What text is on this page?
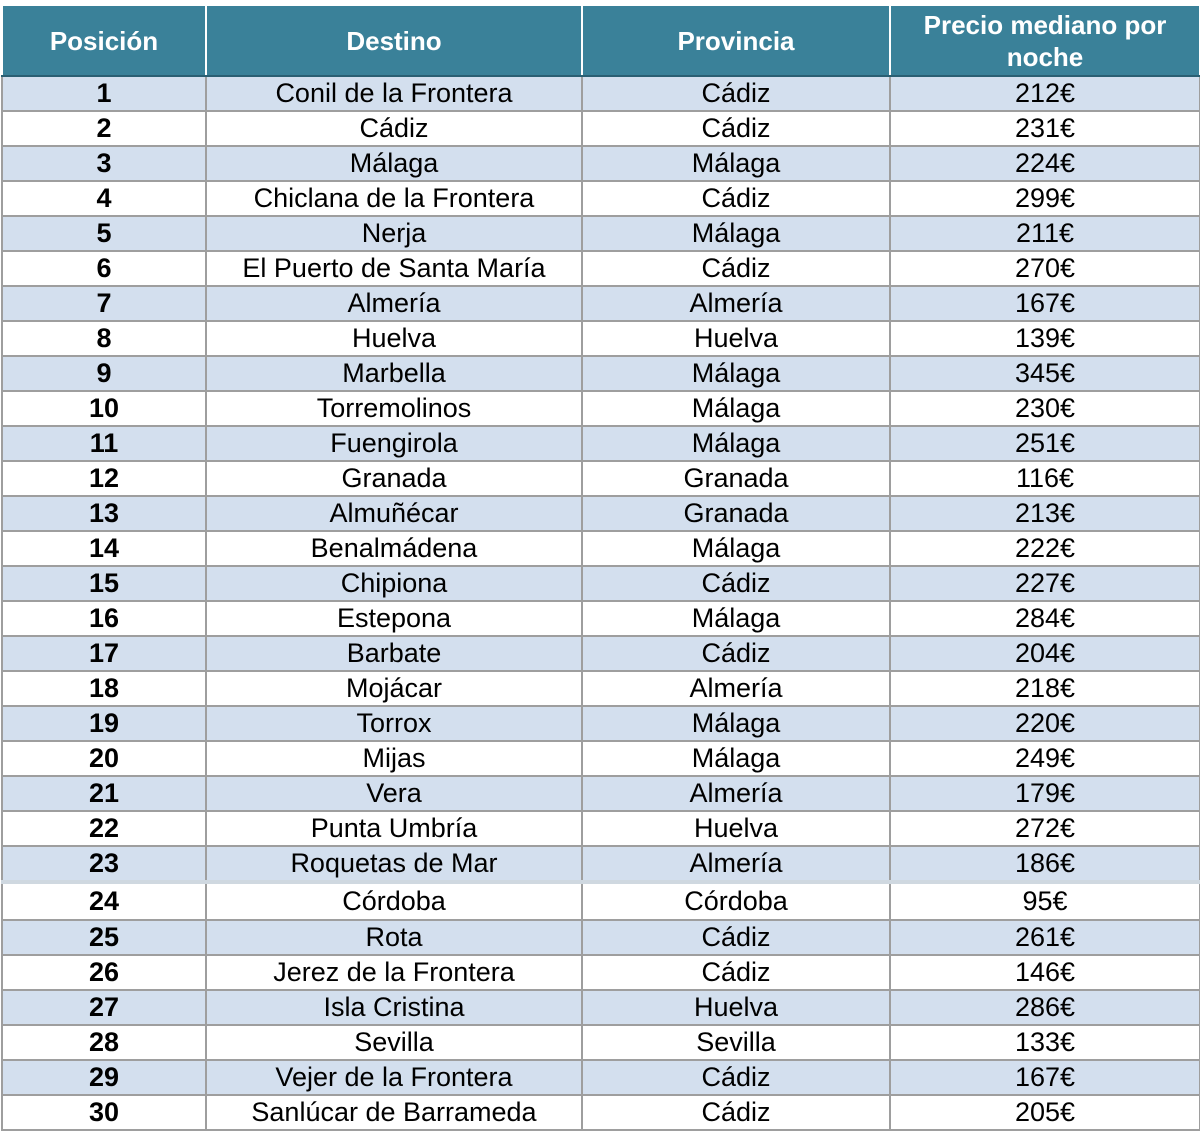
Posición	Destino	Provincia	Precio mediano por noche
1	Conil de la Frontera	Cádiz	212€
2	Cádiz	Cádiz	231€
3	Málaga	Málaga	224€
4	Chiclana de la Frontera	Cádiz	299€
5	Nerja	Málaga	211€
6	El Puerto de Santa María	Cádiz	270€
7	Almería	Almería	167€
8	Huelva	Huelva	139€
9	Marbella	Málaga	345€
10	Torremolinos	Málaga	230€
11	Fuengirola	Málaga	251€
12	Granada	Granada	116€
13	Almuñécar	Granada	213€
14	Benalmádena	Málaga	222€
15	Chipiona	Cádiz	227€
16	Estepona	Málaga	284€
17	Barbate	Cádiz	204€
18	Mojácar	Almería	218€
19	Torrox	Málaga	220€
20	Mijas	Málaga	249€
21	Vera	Almería	179€
22	Punta Umbría	Huelva	272€
23	Roquetas de Mar	Almería	186€
24	Córdoba	Córdoba	95€
25	Rota	Cádiz	261€
26	Jerez de la Frontera	Cádiz	146€
27	Isla Cristina	Huelva	286€
28	Sevilla	Sevilla	133€
29	Vejer de la Frontera	Cádiz	167€
30	Sanlúcar de Barrameda	Cádiz	205€
